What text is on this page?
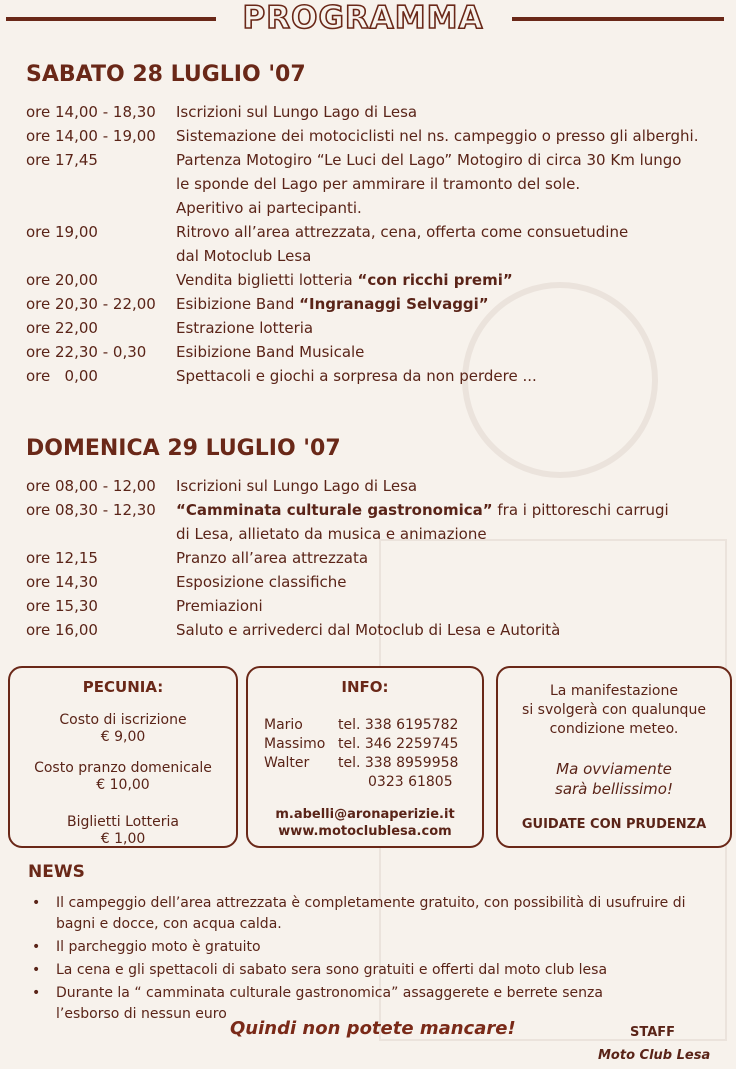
PROGRAMMA
SABATO 28 LUGLIO '07
ore 14,00 - 18,30	Iscrizioni sul Lungo Lago di Lesa
ore 14,00 - 19,00	Sistemazione dei motociclisti nel ns. campeggio o presso gli alberghi.
ore 17,45	Partenza Motogiro “Le Luci del Lago” Motogiro di circa 30 Km lungo
le sponde del Lago per ammirare il tramonto del sole.
Aperitivo ai partecipanti.
ore 19,00	Ritrovo all’area attrezzata, cena, offerta come consuetudine
dal Motoclub Lesa
ore 20,00	Vendita biglietti lotteria “con ricchi premi”
ore 20,30 - 22,00	Esibizione Band “Ingranaggi Selvaggi”
ore 22,00	Estrazione lotteria
ore 22,30 - 0,30	Esibizione Band Musicale
ore   0,00	Spettacoli e giochi a sorpresa da non perdere ...
DOMENICA 29 LUGLIO '07
ore 08,00 - 12,00	Iscrizioni sul Lungo Lago di Lesa
ore 08,30 - 12,30	“Camminata culturale gastronomica” fra i pittoreschi carrugi
di Lesa, allietato da musica e animazione
ore 12,15	Pranzo all’area attrezzata
ore 14,30	Esposizione classifiche
ore 15,30	Premiazioni
ore 16,00	Saluto e arrivederci dal Motoclub di Lesa e Autorità
PECUNIA:
Costo di iscrizione
€ 9,00
Costo pranzo domenicale
€ 10,00
Biglietti Lotteria
€ 1,00
INFO:
Mario	tel. 338 6195782
Massimo tel. 346 2259745
Walter	tel. 338 8959958
0323 61805
m.abelli@aronaperizie.it
www.motoclublesa.com
La manifestazione
si svolgerà con qualunque
condizione meteo.
Ma ovviamente
sarà bellissimo!
GUIDATE CON PRUDENZA
NEWS
• Il campeggio dell’area attrezzata è completamente gratuito, con possibilità di usufruire di bagni e docce, con acqua calda.
• Il parcheggio moto è gratuito
• La cena e gli spettacoli di sabato sera sono gratuiti e offerti dal moto club lesa
• Durante la “ camminata culturale gastronomica” assaggerete e berrete senza l’esborso di nessun euro
Quindi non potete mancare!	STAFF
Moto Club Lesa
